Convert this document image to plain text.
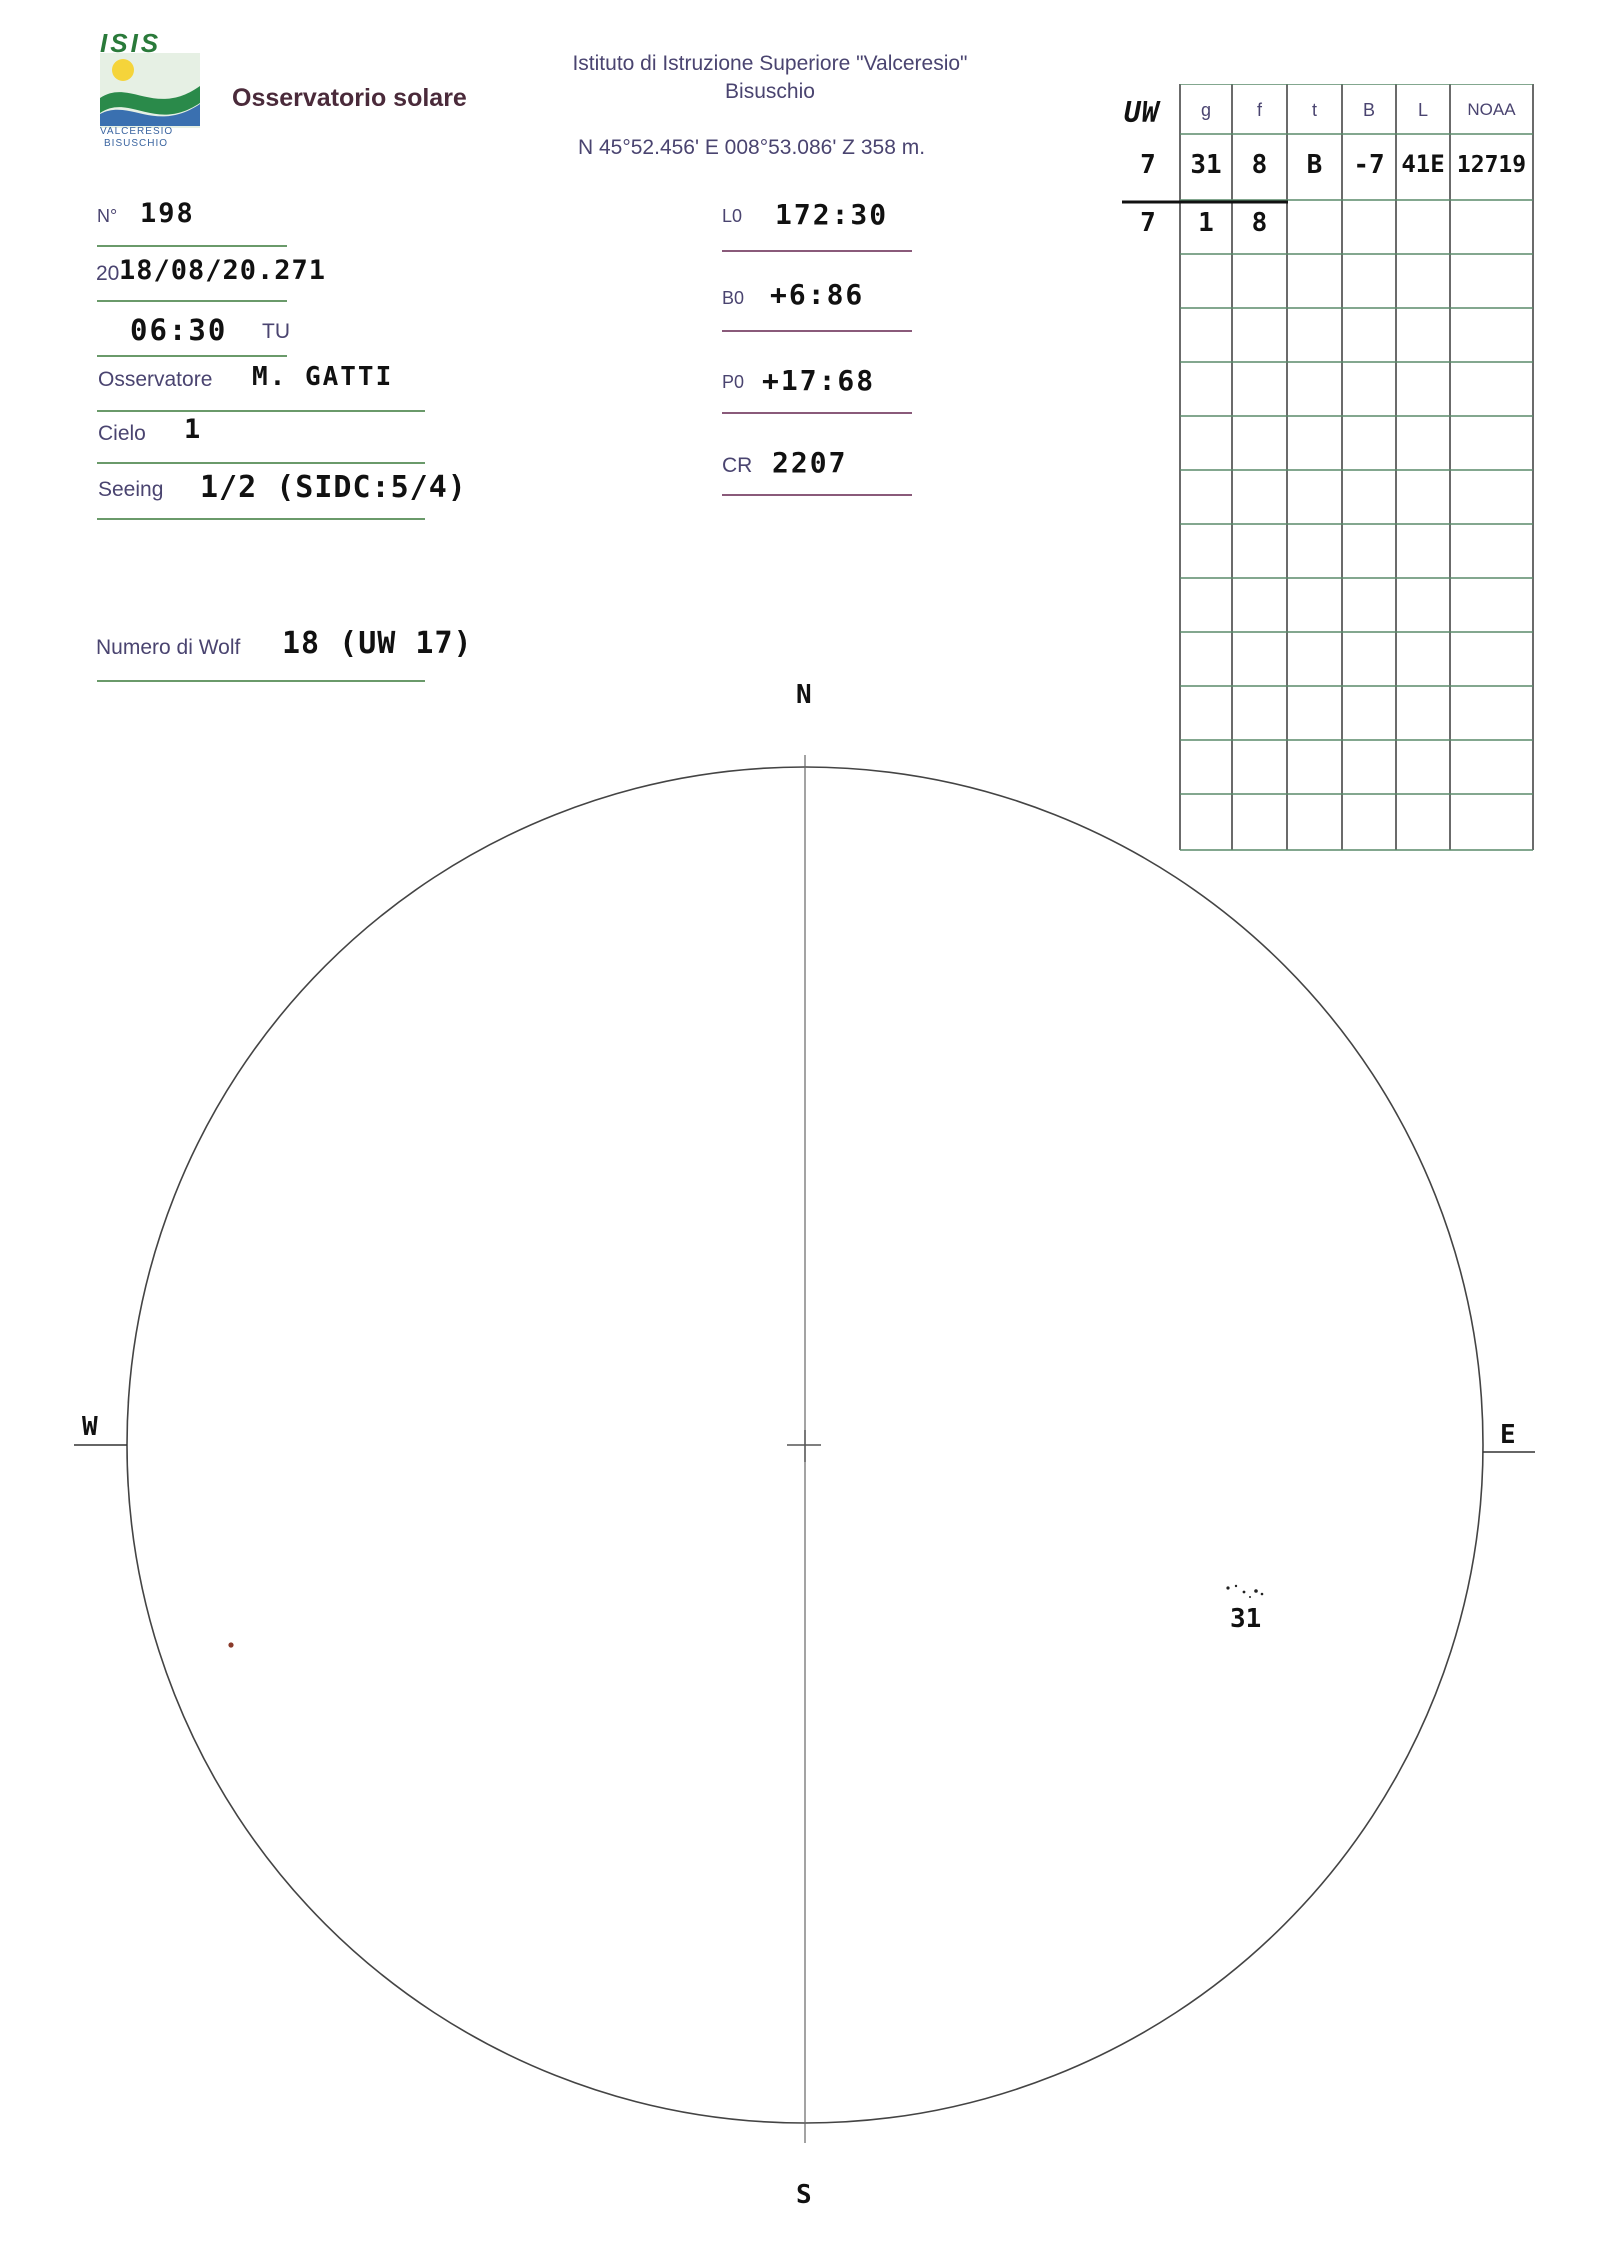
ISIS
VALCERESIO
BISUSCHIO
Osservatorio solare
Istituto di Istruzione Superiore "Valceresio"
Bisuschio
N 45°52.456' E 008°53.086' Z 358 m.
N° 198
20 18/08/20.271
06:30 TU
Osservatore M. GATTI
Cielo 1
Seeing 1/2 (SIDC:5/4)
Numero di Wolf 18 (UW 17)
L0 172:30
B0 +6:86
P0 +17:68
CR 2207
UW	g	f	t	B	L	NOAA
7	31	8	B	-7 41E 12719
7	1	8
N
S
W	E
31
